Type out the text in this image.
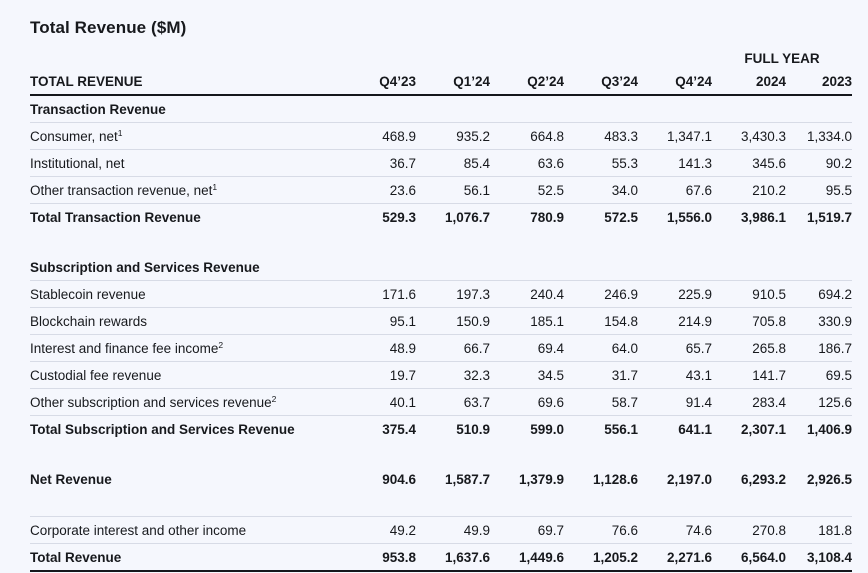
Total Revenue ($M)
						FULL YEAR	
TOTAL REVENUE	Q4’23	Q1’24	Q2’24	Q3’24	Q4’24	2024	2023
Transaction Revenue							
Consumer, net$^1$	468.9	935.2	664.8	483.3	1,347.1	3,430.3	1,334.0
Institutional, net	36.7	85.4	63.6	55.3	141.3	345.6	90.2
Other transaction revenue, net$^1$	23.6	56.1	52.5	34.0	67.6	210.2	95.5
Total Transaction Revenue	529.3	1,076.7	780.9	572.5	1,556.0	3,986.1	1,519.7

Subscription and Services Revenue							
Stablecoin revenue	171.6	197.3	240.4	246.9	225.9	910.5	694.2
Blockchain rewards	95.1	150.9	185.1	154.8	214.9	705.8	330.9
Interest and finance fee income$^2$	48.9	66.7	69.4	64.0	65.7	265.8	186.7
Custodial fee revenue	19.7	32.3	34.5	31.7	43.1	141.7	69.5
Other subscription and services revenue$^2$	40.1	63.7	69.6	58.7	91.4	283.4	125.6
Total Subscription and Services Revenue	375.4	510.9	599.0	556.1	641.1	2,307.1	1,406.9

Net Revenue	904.6	1,587.7	1,379.9	1,128.6	2,197.0	6,293.2	2,926.5

Corporate interest and other income	49.2	49.9	69.7	76.6	74.6	270.8	181.8
Total Revenue	953.8	1,637.6	1,449.6	1,205.2	2,271.6	6,564.0	3,108.4
